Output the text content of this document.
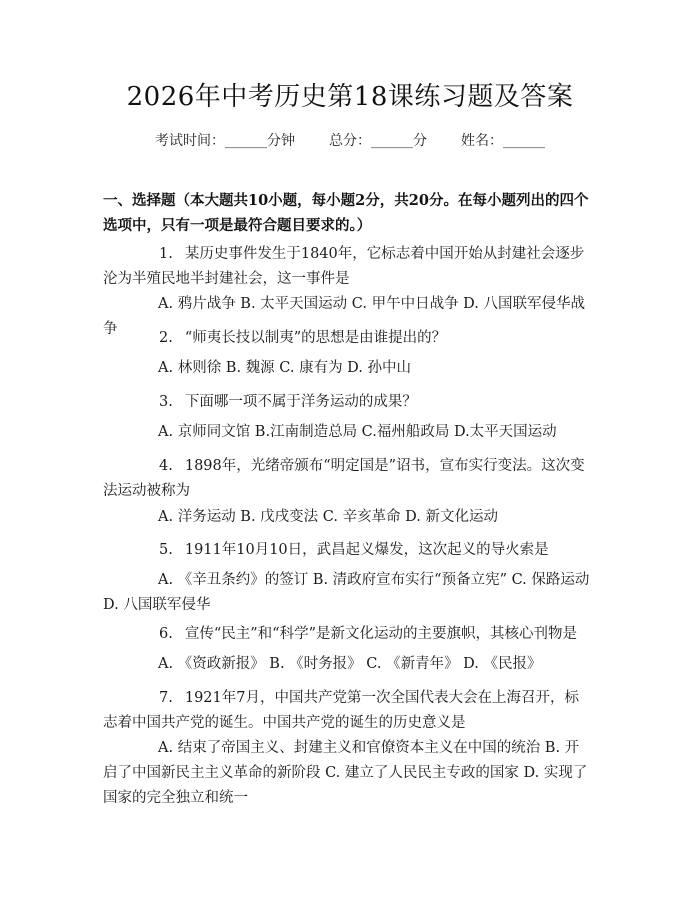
2026年中考历史第18课练习题及答案
考试时间：______分钟 总分：______分 姓名：______
一、选择题（本大题共10小题，每小题2分，共20分。在每小题列出的四个选项中，只有一项是最符合题目要求的。）
1. 某历史事件发生于1840年，它标志着中国开始从封建社会逐步沦为半殖民地半封建社会，这一事件是
A. 鸦片战争 B. 太平天国运动 C. 甲午中日战争 D. 八国联军侵华战争
2. “师夷长技以制夷”的思想是由谁提出的？
A. 林则徐 B. 魏源 C. 康有为 D. 孙中山
3. 下面哪一项不属于洋务运动的成果？
A. 京师同文馆 B.江南制造总局 C.福州船政局 D.太平天国运动
4. 1898年，光绪帝颁布“明定国是”诏书，宣布实行变法。这次变法运动被称为
A. 洋务运动 B. 戊戌变法 C. 辛亥革命 D. 新文化运动
5. 1911年10月10日，武昌起义爆发，这次起义的导火索是
A. 《辛丑条约》的签订 B. 清政府宣布实行“预备立宪” C. 保路运动 D. 八国联军侵华
6. 宣传“民主”和“科学”是新文化运动的主要旗帜，其核心刊物是
A. 《资政新报》 B. 《时务报》 C. 《新青年》 D. 《民报》
7. 1921年7月，中国共产党第一次全国代表大会在上海召开，标志着中国共产党的诞生。中国共产党的诞生的历史意义是
A. 结束了帝国主义、封建主义和官僚资本主义在中国的统治 B. 开启了中国新民主主义革命的新阶段 C. 建立了人民民主专政的国家 D. 实现了国家的完全独立和统一
